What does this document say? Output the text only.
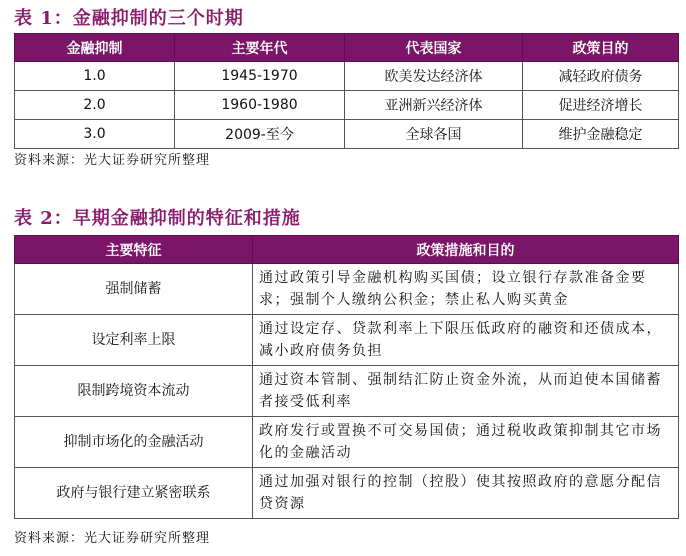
表 1：金融抑制的三个时期
金融抑制	主要年代	代表国家	政策目的
1.0	1945-1970	欧美发达经济体	减轻政府债务
2.0	1960-1980	亚洲新兴经济体	促进经济增长
3.0	2009-至今	全球各国	维护金融稳定
资料来源：光大证券研究所整理
表 2：早期金融抑制的特征和措施
主要特征	政策措施和目的
强制储蓄	通过政策引导金融机构购买国债；设立银行存款准备金要求；强制个人缴纳公积金；禁止私人购买黄金
设定利率上限	通过设定存、贷款利率上下限压低政府的融资和还债成本，减小政府债务负担
限制跨境资本流动	通过资本管制、强制结汇防止资金外流，从而迫使本国储蓄者接受低利率
抑制市场化的金融活动	政府发行或置换不可交易国债；通过税收政策抑制其它市场化的金融活动
政府与银行建立紧密联系	通过加强对银行的控制（控股）使其按照政府的意愿分配信贷资源
资料来源：光大证券研究所整理
